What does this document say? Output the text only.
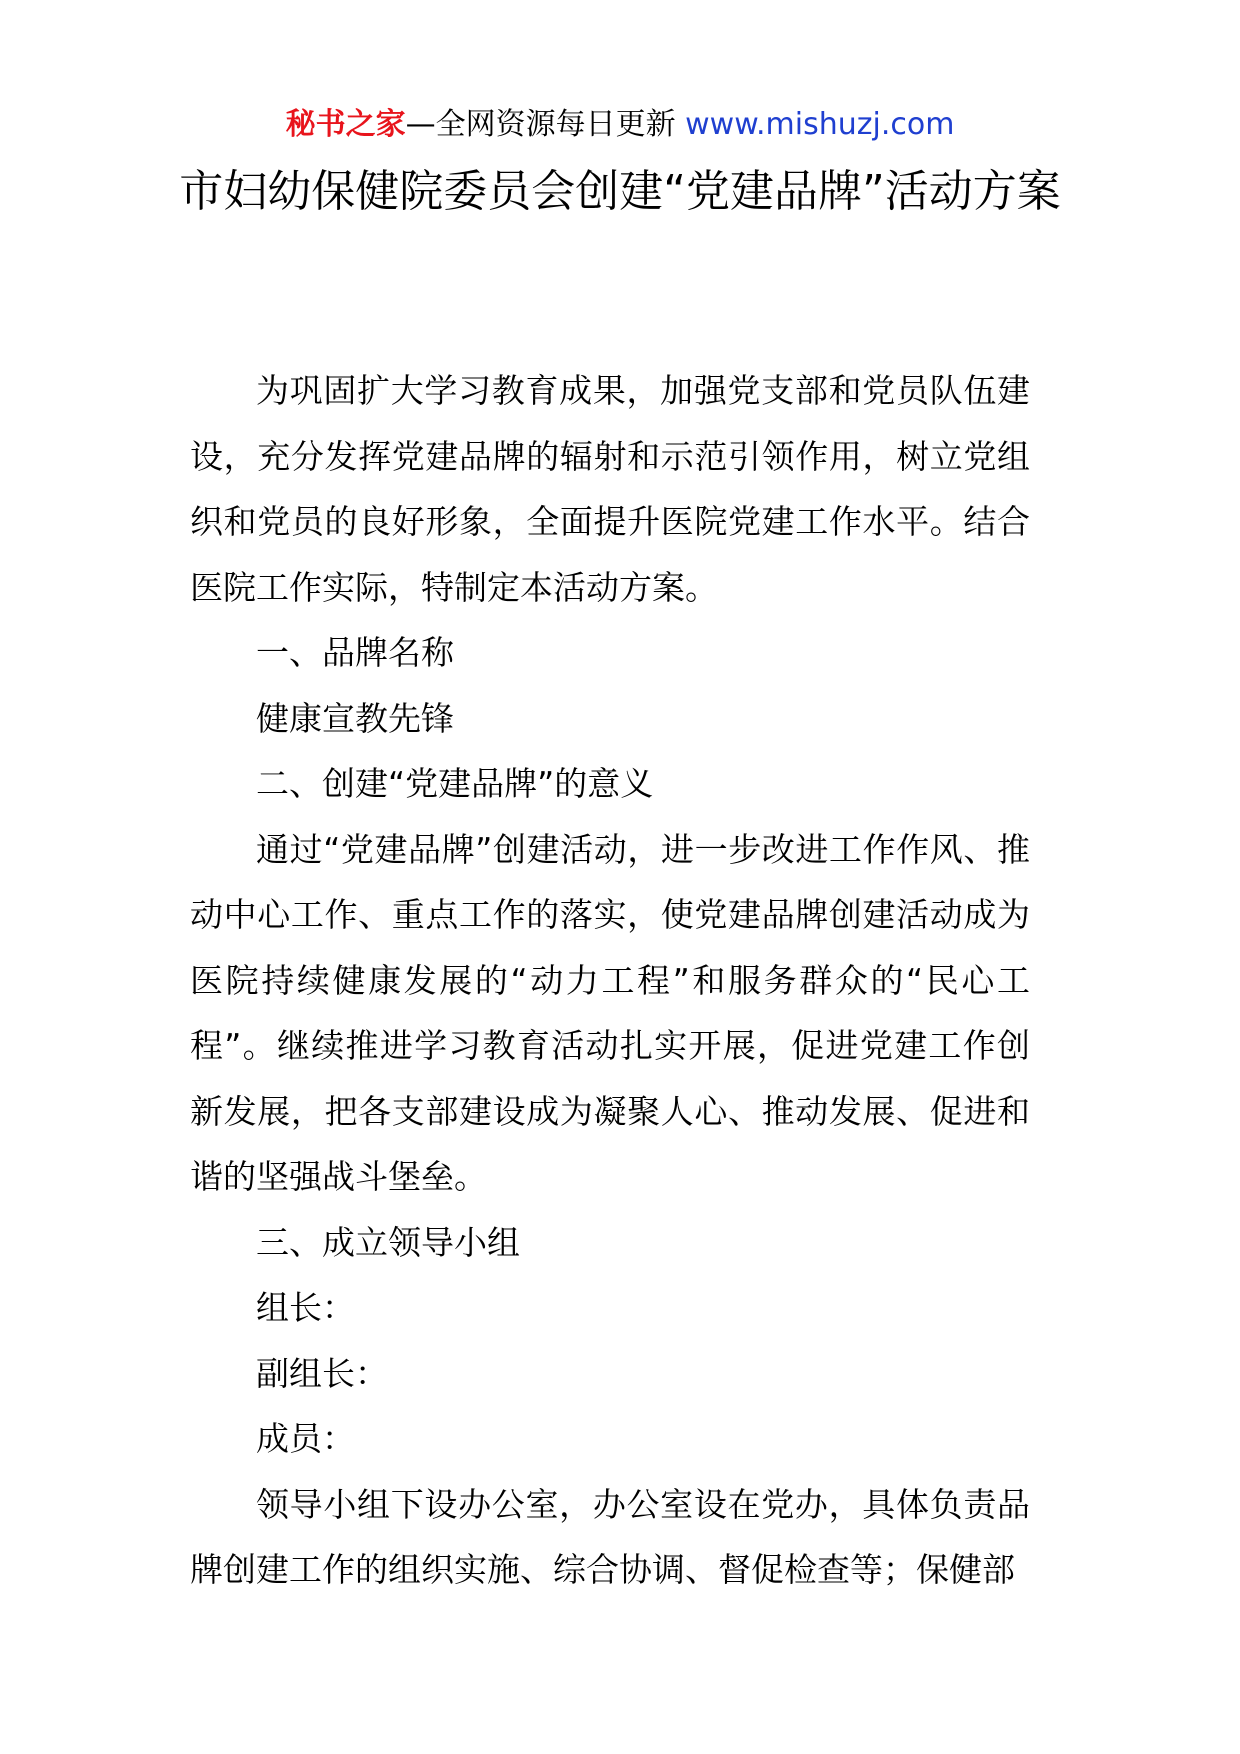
秘书之家—全网资源每日更新 www.mishuzj.com
市妇幼保健院委员会创建“党建品牌”活动方案

为巩固扩大学习教育成果，加强党支部和党员队伍建设，充分发挥党建品牌的辐射和示范引领作用，树立党组织和党员的良好形象，全面提升医院党建工作水平。结合医院工作实际，特制定本活动方案。

一、品牌名称

健康宣教先锋

二、创建“党建品牌”的意义

通过“党建品牌”创建活动，进一步改进工作作风、推动中心工作、重点工作的落实，使党建品牌创建活动成为医院持续健康发展的“动力工程”和服务群众的“民心工程”。继续推进学习教育活动扎实开展，促进党建工作创新发展，把各支部建设成为凝聚人心、推动发展、促进和谐的坚强战斗堡垒。

三、成立领导小组

组长：

副组长：

成员：

领导小组下设办公室，办公室设在党办，具体负责品牌创建工作的组织实施、综合协调、督促检查等；保健部
